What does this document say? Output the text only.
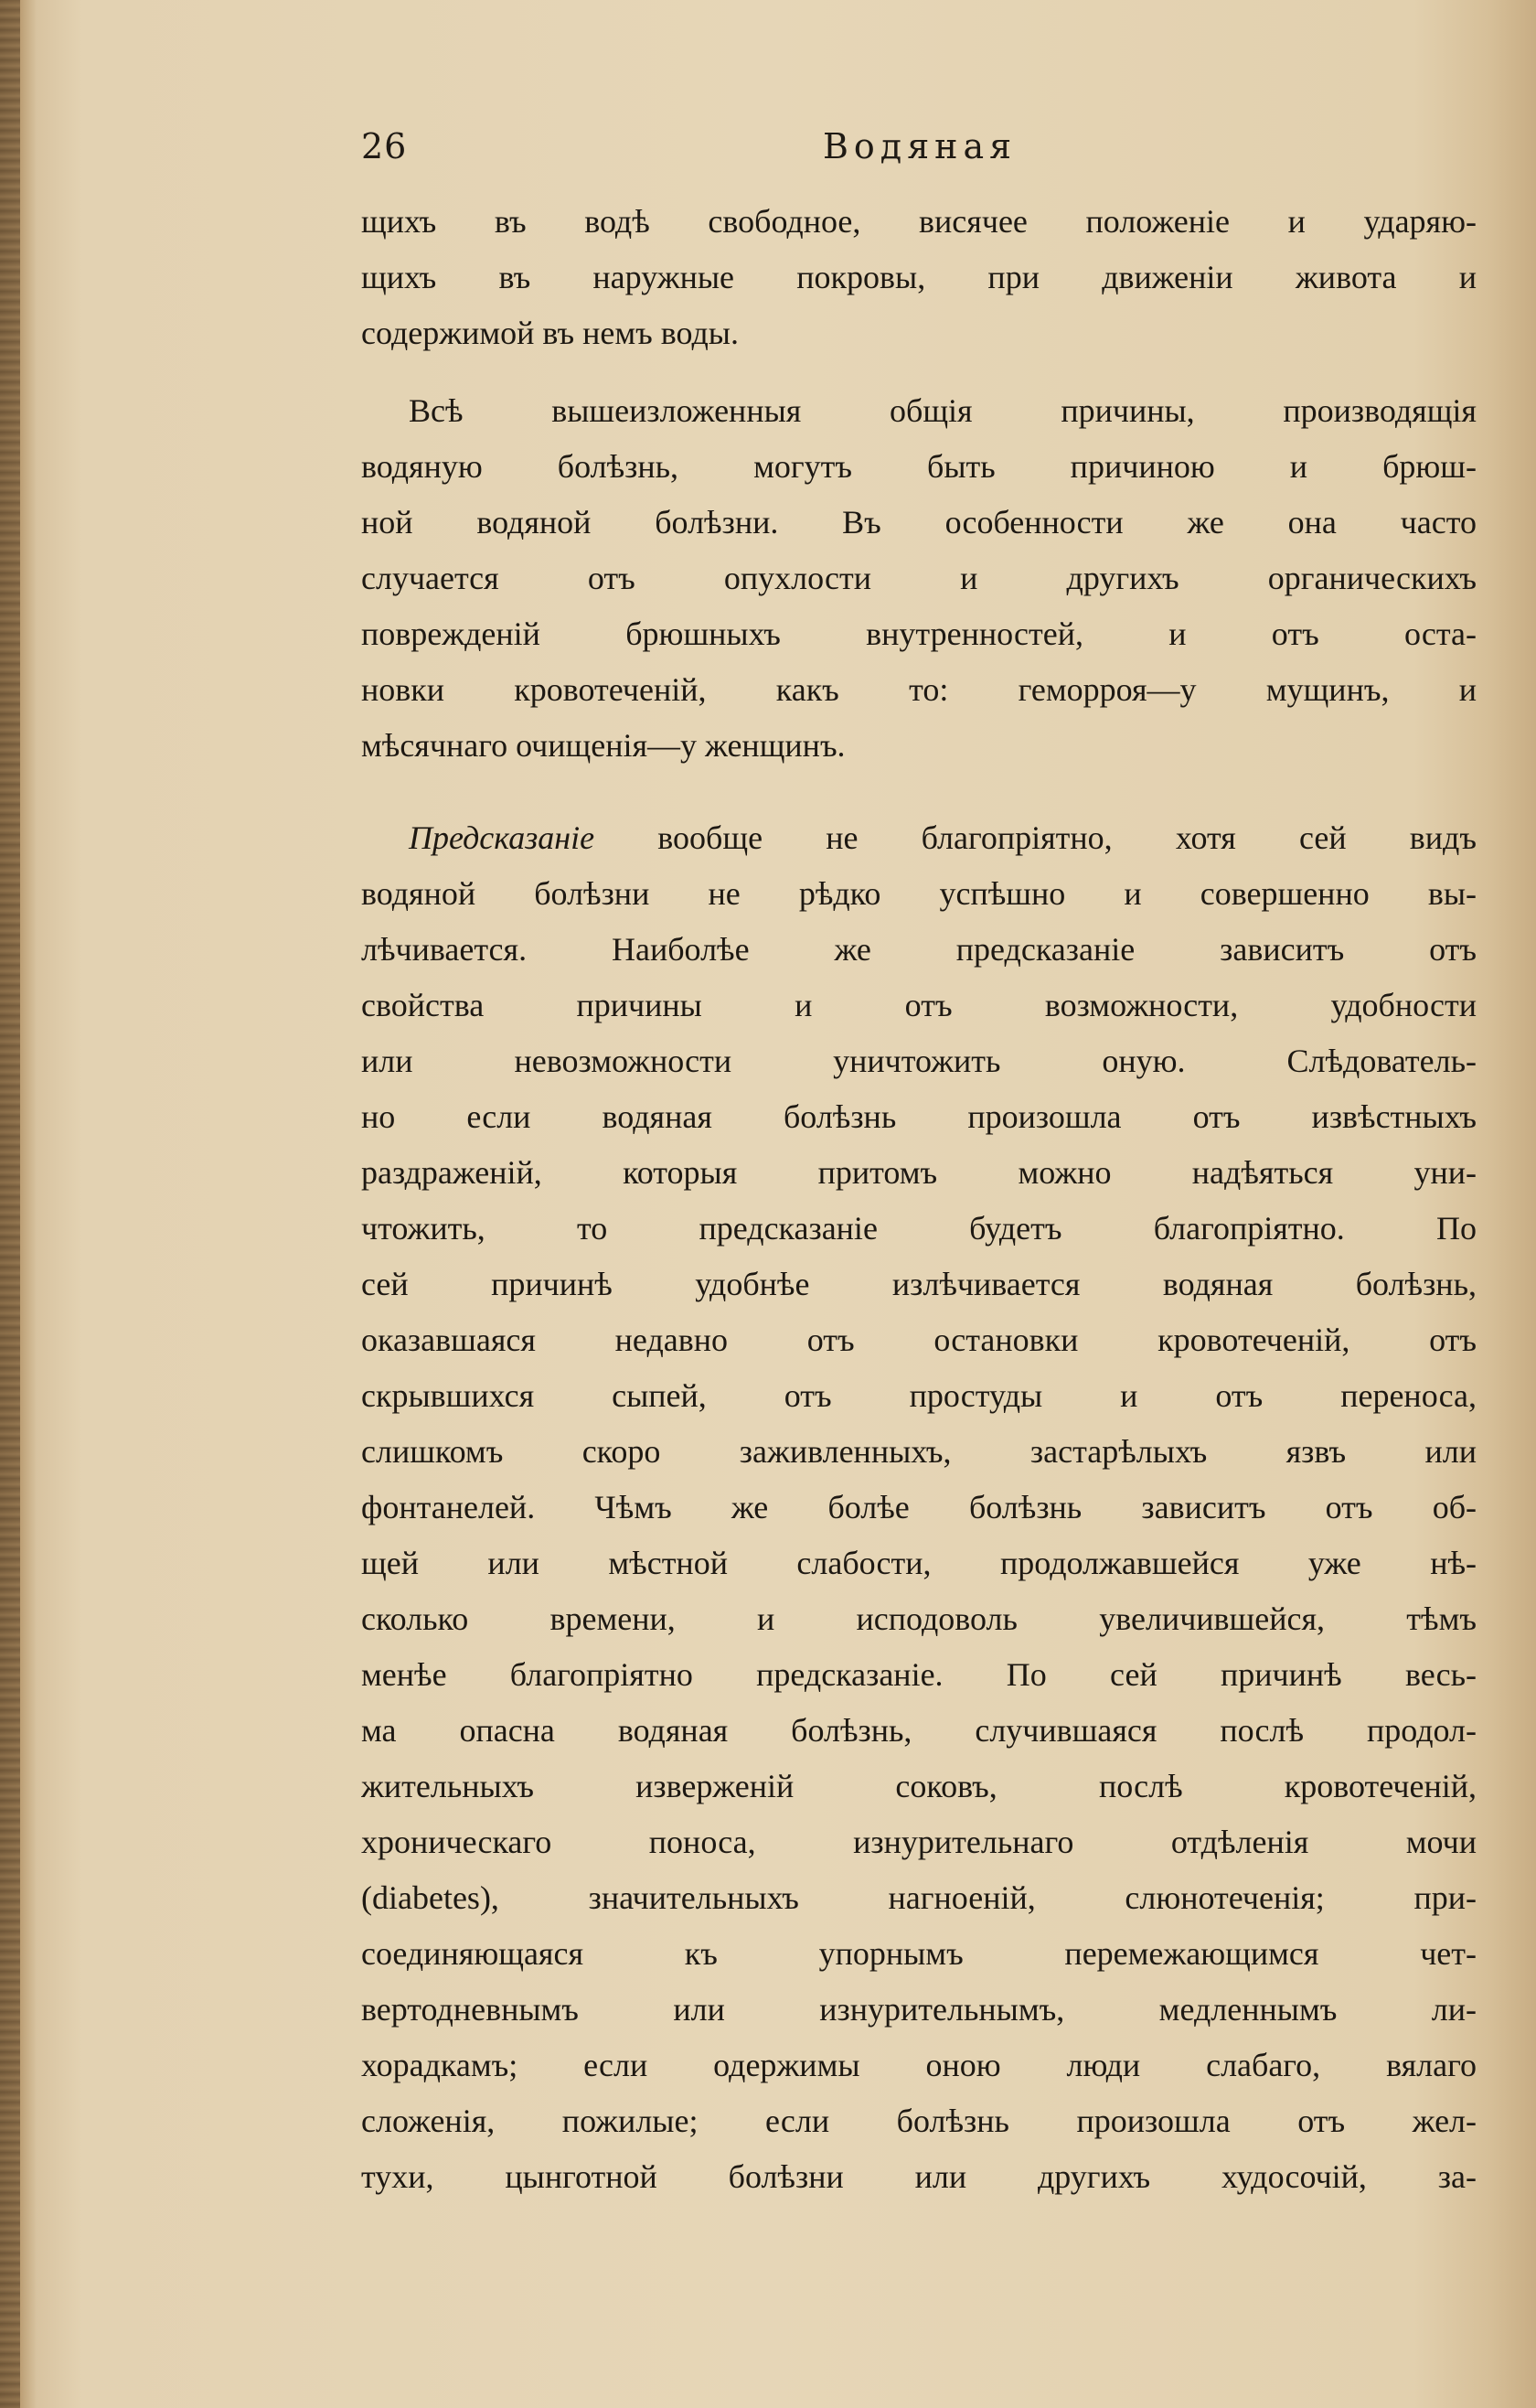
26	Водяная
щихъ въ водѣ свободное, висячее положеніе и ударяю-
щихъ въ наружные покровы, при движеніи живота и
содержимой въ немъ воды.
Всѣ вышеизложенныя общія причины, производящія
водяную болѣзнь, могутъ быть причиною и брюш-
ной водяной болѣзни. Въ особенности же она часто
случается отъ опухлости и другихъ органическихъ
поврежденій брюшныхъ внутренностей, и отъ оста-
новки кровотеченій, какъ то: геморроя—у мущинъ, и
мѣсячнаго очищенія—у женщинъ.
Предсказаніе вообще не благопріятно, хотя сей видъ
водяной болѣзни не рѣдко успѣшно и совершенно вы-
лѣчивается. Наиболѣе же предсказаніе зависитъ отъ
свойства причины и отъ возможности, удобности
или невозможности уничтожить оную. Слѣдователь-
но если водяная болѣзнь произошла отъ извѣстныхъ
раздраженій, которыя притомъ можно надѣяться уни-
чтожить, то предсказаніе будетъ благопріятно. По
сей причинѣ удобнѣе излѣчивается водяная болѣзнь,
оказавшаяся недавно отъ остановки кровотеченій, отъ
скрывшихся сыпей, отъ простуды и отъ переноса,
слишкомъ скоро заживленныхъ, застарѣлыхъ язвъ или
фонтанелей. Чѣмъ же болѣе болѣзнь зависитъ отъ об-
щей или мѣстной слабости, продолжавшейся уже нѣ-
сколько времени, и исподоволь увеличившейся, тѣмъ
менѣе благопріятно предсказаніе. По сей причинѣ весь-
ма опасна водяная болѣзнь, случившаяся послѣ продол-
жительныхъ изверженій соковъ, послѣ кровотеченій,
хроническаго поноса, изнурительнаго отдѣленія мочи
(diabetes), значительныхъ нагноеній, слюнотеченія; при-
соединяющаяся къ упорнымъ перемежающимся чет-
вертодневнымъ или изнурительнымъ, медленнымъ ли-
хорадкамъ; если одержимы оною люди слабаго, вялаго
сложенія, пожилые; если болѣзнь произошла отъ жел-
тухи, цынготной болѣзни или другихъ худосочій, за-
